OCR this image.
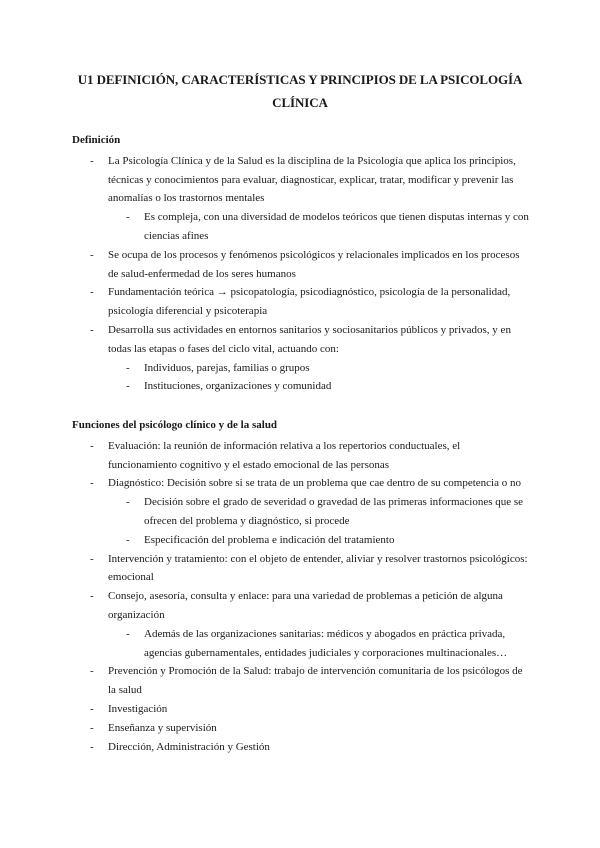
U1 DEFINICIÓN, CARACTERÍSTICAS Y PRINCIPIOS DE LA PSICOLOGÍA CLÍNICA
Definición
- La Psicología Clínica y de la Salud es la disciplina de la Psicología que aplica los principios, técnicas y conocimientos para evaluar, diagnosticar, explicar, tratar, modificar y prevenir las anomalías o los trastornos mentales
- Es compleja, con una diversidad de modelos teóricos que tienen disputas internas y con ciencias afines
- Se ocupa de los procesos y fenómenos psicológicos y relacionales implicados en los procesos de salud-enfermedad de los seres humanos
- Fundamentación teórica → psicopatología, psicodiagnóstico, psicología de la personalidad, psicología diferencial y psicoterapia
- Desarrolla sus actividades en entornos sanitarios y sociosanitarios públicos y privados, y en todas las etapas o fases del ciclo vital, actuando con:
- Individuos, parejas, familias o grupos
- Instituciones, organizaciones y comunidad
Funciones del psicólogo clínico y de la salud
- Evaluación: la reunión de información relativa a los repertorios conductuales, el funcionamiento cognitivo y el estado emocional de las personas
- Diagnóstico: Decisión sobre si se trata de un problema que cae dentro de su competencia o no
- Decisión sobre el grado de severidad o gravedad de las primeras informaciones que se ofrecen del problema y diagnóstico, si procede
- Especificación del problema e indicación del tratamiento
- Intervención y tratamiento: con el objeto de entender, aliviar y resolver trastornos psicológicos: emocional
- Consejo, asesoría, consulta y enlace: para una variedad de problemas a petición de alguna organización
- Además de las organizaciones sanitarias: médicos y abogados en práctica privada, agencias gubernamentales, entidades judiciales y corporaciones multinacionales…
- Prevención y Promoción de la Salud: trabajo de intervención comunitaria de los psicólogos de la salud
- Investigación
- Enseñanza y supervisión
- Dirección, Administración y Gestión
